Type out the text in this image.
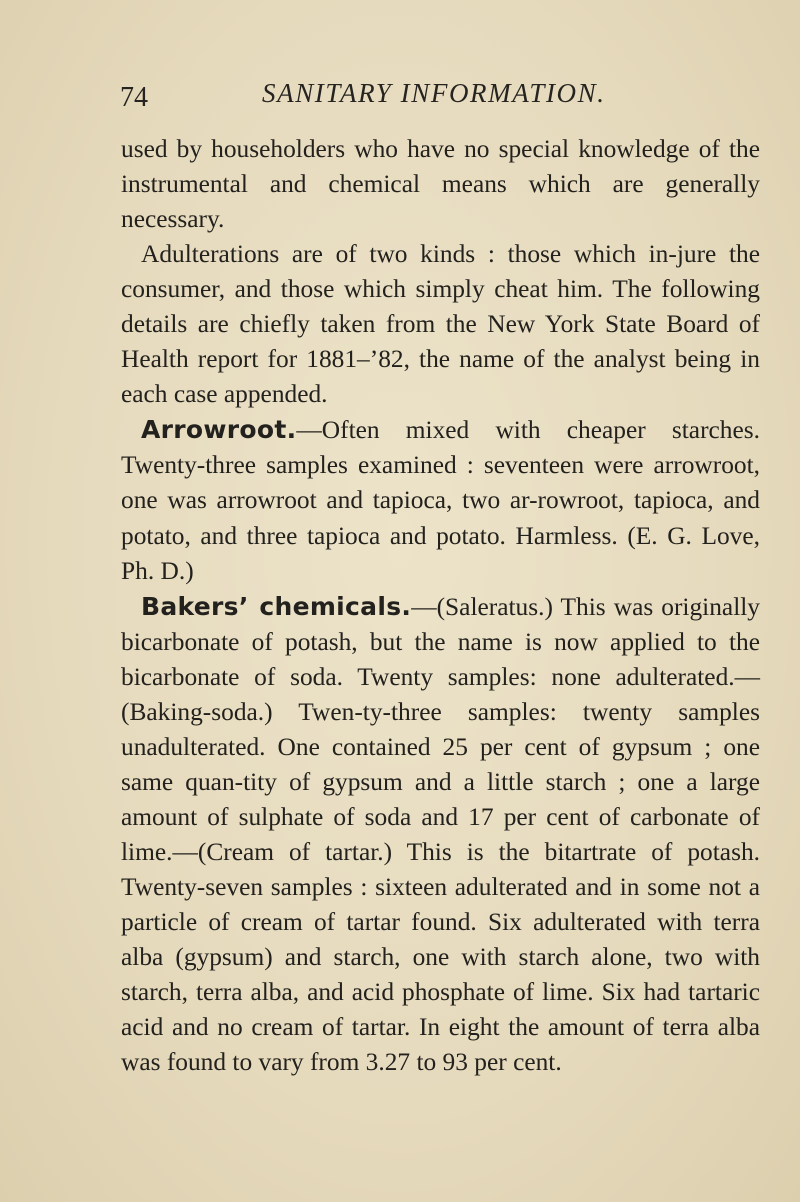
74	SANITARY INFORMATION.

used by householders who have no special knowledge of the instrumental and chemical means which are generally necessary.

Adulterations are of two kinds : those which in-jure the consumer, and those which simply cheat him. The following details are chiefly taken from the New York State Board of Health report for 1881–’82, the name of the analyst being in each case appended.

Arrowroot.—Often mixed with cheaper starches. Twenty-three samples examined : seventeen were arrowroot, one was arrowroot and tapioca, two ar-rowroot, tapioca, and potato, and three tapioca and potato. Harmless. (E. G. Love, Ph. D.)

Bakers’ chemicals.—(Saleratus.) This was originally bicarbonate of potash, but the name is now applied to the bicarbonate of soda. Twenty samples: none adulterated.—(Baking-soda.) Twen-ty-three samples: twenty samples unadulterated. One contained 25 per cent of gypsum ; one same quan-tity of gypsum and a little starch ; one a large amount of sulphate of soda and 17 per cent of carbonate of lime.—(Cream of tartar.) This is the bitartrate of potash. Twenty-seven samples : sixteen adulterated and in some not a particle of cream of tartar found. Six adulterated with terra alba (gypsum) and starch, one with starch alone, two with starch, terra alba, and acid phosphate of lime. Six had tartaric acid and no cream of tartar. In eight the amount of terra alba was found to vary from 3.27 to 93 per cent.
